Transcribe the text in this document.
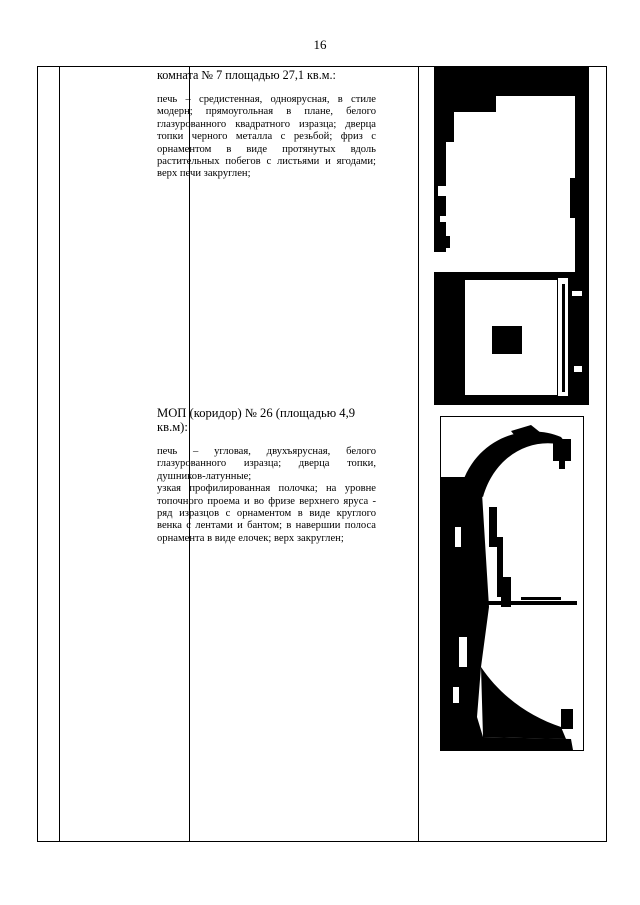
16

комната № 7 площадью 27,1 кв.м.:

печь – средистенная, одноярусная, в стиле модерн; прямоугольная в плане, белого глазурованного квадратного изразца; дверца топки черного металла с резьбой; фриз с орнаментом в виде протянутых вдоль растительных побегов с листьями и ягодами; верх печи закруглен;

МОП (коридор) № 26 (площадью 4,9 кв.м):

печь – угловая, двухъярусная, белого глазурованного изразца; дверца топки, душников-латунные;

узкая профилированная полочка; на уровне топочного проема и во фризе верхнего яруса - ряд изразцов с орнаментом в виде круглого венка с лентами и бантом; в навершии полоса орнамента в виде елочек; верх закруглен;
